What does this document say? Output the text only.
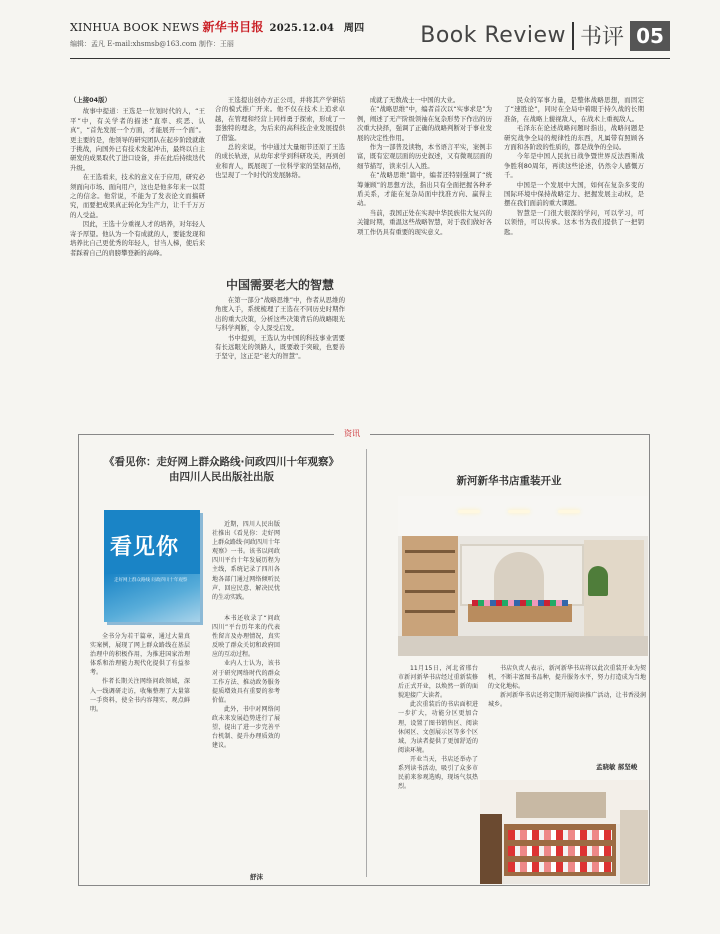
XINHUA BOOK NEWS 新华书目报 2025.12.04 周四
编辑：孟凡 E-mail:xhsmsb@163.com 制作：王丽	Book Review 书评 05

（上接04版）

故事中提道：王选是一位划时代的人，“王平”中，有关学者的描述“直率、疾恶、认真”，“首先发展一个方面，才能展开一个面”。更主要的是，他领导的研究团队在起步阶段就敢于挑战，向国外已有技术发起冲击，最终以自主研发的成果取代了进口设备，并在此后持续迭代升级。

在王选看来，技术的意义在于应用，研究必须面向市场、面向用户，这也是他多年来一以贯之的信念。他常说，不能为了发表论文而搞研究，而要把成果真正转化为生产力，让千千万万的人受益。

因此，王选十分重视人才的培养，对年轻人寄予厚望。他认为一个有成就的人，要能发现和培养比自己更优秀的年轻人，甘当人梯，使后来者踩着自己的肩膀攀登新的高峰。

王选提出创办方正公司，并将其产学研结合的模式推广开来。他不仅在技术上追求卓越，在管理和经营上同样勇于探索，形成了一套独特的理念，为后来的高科技企业发展提供了借鉴。

总的来说，书中通过大量细节还原了王选的成长轨迹，从幼年求学到科研攻关，再到创业和育人，既展现了一位科学家的坚韧品格，也呈现了一个时代的发展脉络。

中国需要老大的智慧

在第一部分“战略思维”中，作者从思维的角度入手，系统梳理了王选在不同历史时期作出的重大决策，分析这些决策背后的战略眼光与科学判断，令人深受启发。

书中提到，王选认为中国的科技事业需要有长远眼光的领路人，既要敢于突破，也要善于坚守，这正是“老大的智慧”。

成就了无数战士一中国的大业。

在“战略思维”中，编者首次以“实事求是”为例，阐述了无产阶级领袖在复杂形势下作出的历次重大抉择，强调了正确的战略判断对于事业发展的决定性作用。

作为一部普及读物，本书语言平实，案例丰富，既有宏观层面的历史叙述，又有微观层面的细节描写，读来引人入胜。

在“战略思维”篇中，编者还特别强调了“统筹兼顾”的思想方法，指出只有全面把握各种矛盾关系，才能在复杂局面中找准方向、赢得主动。

当前，我国正处在实现中华民族伟大复兴的关键时期，重温这些战略智慧，对于我们做好各项工作仍具有重要的现实意义。

民众的军事力量，是整体战略思想，而固定了“速胜论”，同时在全局中着眼于持久战的长期准备，在战略上藐视敌人，在战术上重视敌人。

毛泽东在论述战略问题时指出，战略问题是研究战争全局的规律性的东西，凡属带有照顾各方面和各阶段的性质的，都是战争的全局。

今年是中国人民抗日战争暨世界反法西斯战争胜利80周年，再读这些论述，仍然令人感慨万千。

中国是一个发展中大国，如何在复杂多变的国际环境中保持战略定力、把握发展主动权，是摆在我们面前的重大课题。

智慧是一门很大很深的学问，可以学习，可以领悟，可以传承。这本书为我们提供了一把钥匙。

资讯
《看见你：走好网上群众路线·问政四川十年观察》
由四川人民出版社出版	新河新华书店重装开业

近期，四川人民出版社推出《看见你：走好网上群众路线·问政四川十年观察》一书。该书以问政四川平台十年发展历程为主线，系统记录了四川各地各部门通过网络倾听民声、回应民意、解决民忧的生动实践。

全书分为若干篇章，通过大量真实案例，展现了网上群众路线在基层治理中的积极作用，为推进国家治理体系和治理能力现代化提供了有益参考。

作者长期关注网络问政领域，深入一线调研走访，收集整理了大量第一手资料，使全书内容翔实、观点鲜明。

本书还收录了“问政四川”平台历年来的代表性留言及办理情况，真实反映了群众关切和政府回应的互动过程。

业内人士认为，该书对于研究网络时代的群众工作方法、推动政务服务提质增效具有重要的参考价值。

此外，书中对网络问政未来发展趋势进行了展望，提出了进一步完善平台机制、提升办理质效的建议。

舒沫
看见你
走好网上群众路线 问政四川十年观察

11月15日，河北省邢台市新河新华书店经过重新装修后正式开业，以焕然一新的面貌迎接广大读者。

此次重装后的书店面积进一步扩大，功能分区更加合理，设置了图书销售区、阅读休闲区、文创展示区等多个区域，为读者提供了更加舒适的阅读环境。

开业当天，书店还举办了系列读书活动，吸引了众多市民前来参观选购，现场气氛热烈。

书店负责人表示，新河新华书店将以此次重装开业为契机，不断丰富图书品种，提升服务水平，努力打造成为当地的文化地标。

新河新华书店还将定期开展阅读推广活动，让书香浸润城乡。

孟晓敏 郝坚峻
